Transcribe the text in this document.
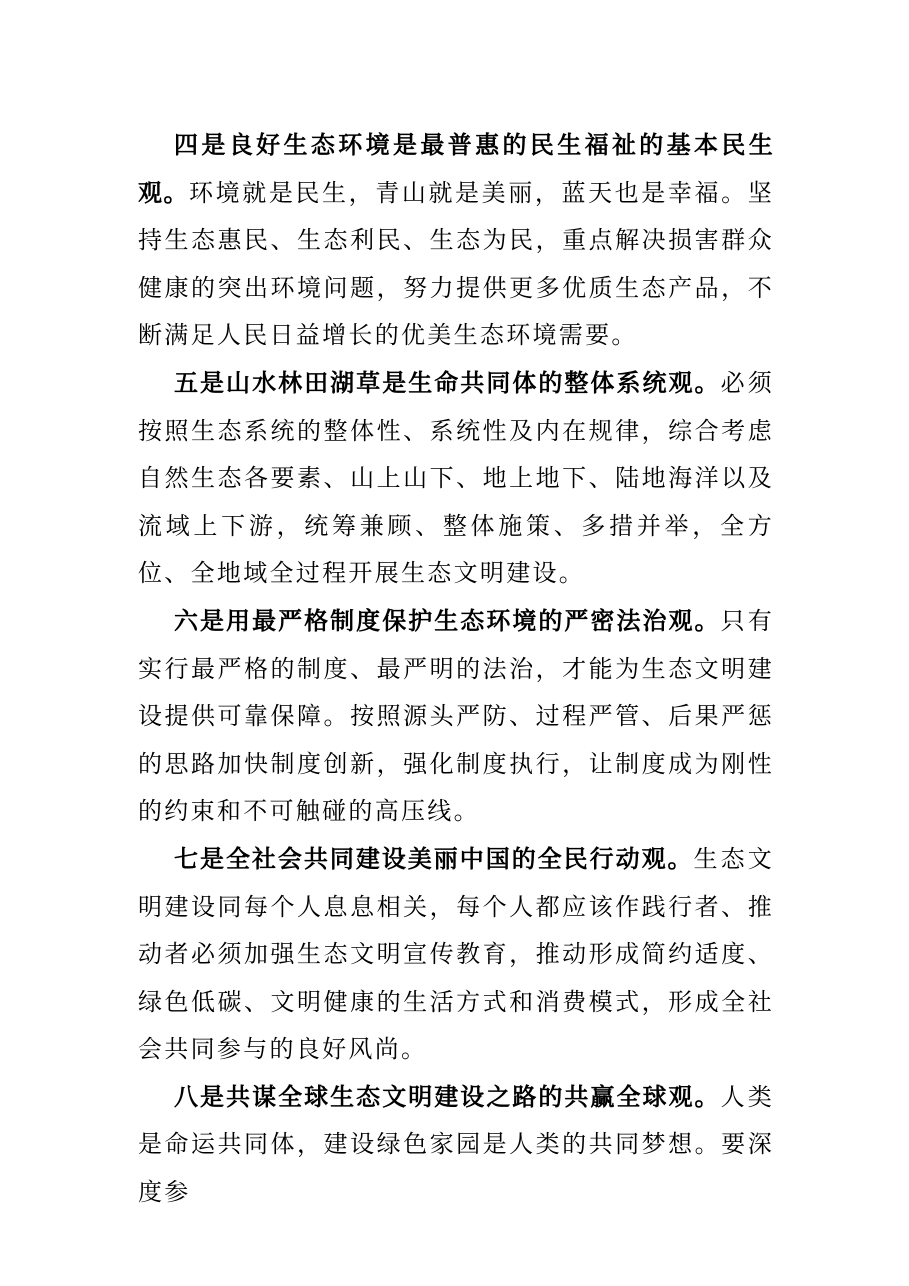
四是良好生态环境是最普惠的民生福祉的基本民生观。环境就是民生，青山就是美丽，蓝天也是幸福。坚持生态惠民、生态利民、生态为民，重点解决损害群众健康的突出环境问题，努力提供更多优质生态产品，不断满足人民日益增长的优美生态环境需要。

五是山水林田湖草是生命共同体的整体系统观。必须按照生态系统的整体性、系统性及内在规律，综合考虑自然生态各要素、山上山下、地上地下、陆地海洋以及流域上下游，统筹兼顾、整体施策、多措并举，全方位、全地域全过程开展生态文明建设。

六是用最严格制度保护生态环境的严密法治观。只有实行最严格的制度、最严明的法治，才能为生态文明建设提供可靠保障。按照源头严防、过程严管、后果严惩的思路加快制度创新，强化制度执行，让制度成为刚性的约束和不可触碰的高压线。

七是全社会共同建设美丽中国的全民行动观。生态文明建设同每个人息息相关，每个人都应该作践行者、推动者必须加强生态文明宣传教育，推动形成简约适度、绿色低碳、文明健康的生活方式和消费模式，形成全社会共同参与的良好风尚。

八是共谋全球生态文明建设之路的共赢全球观。人类是命运共同体，建设绿色家园是人类的共同梦想。要深度参
